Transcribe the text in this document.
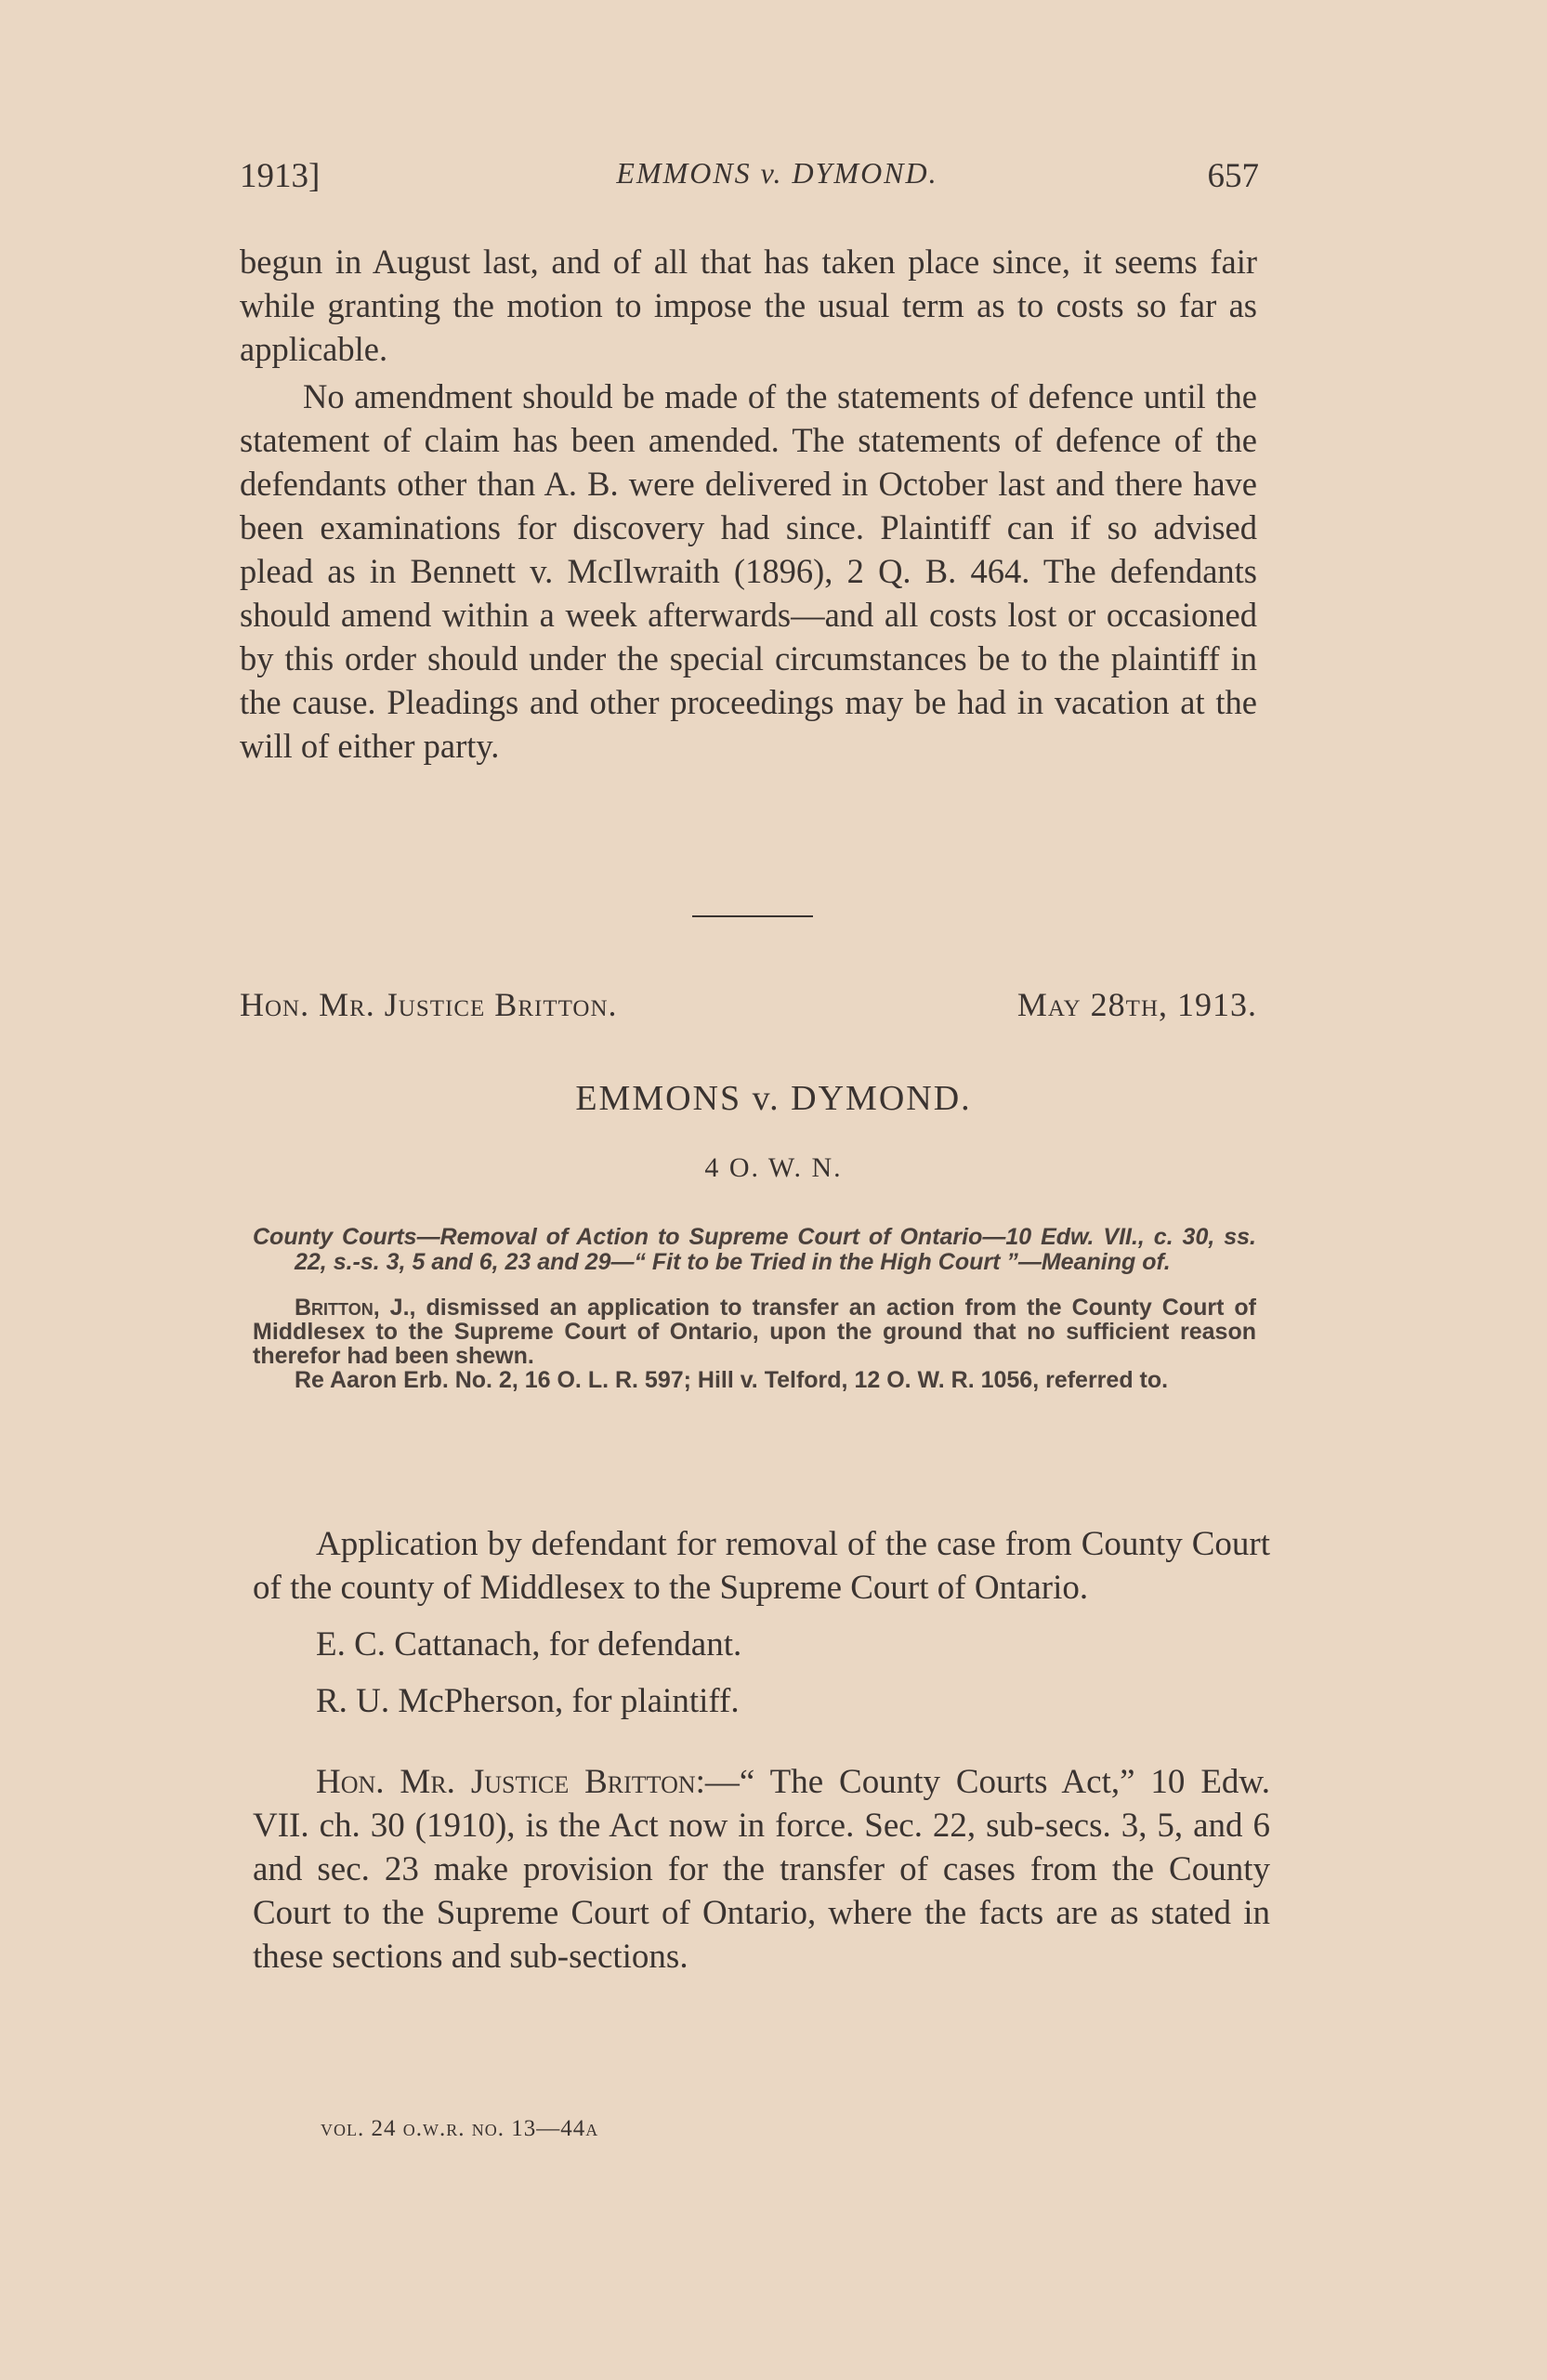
1913]	EMMONS v. DYMOND.	657

begun in August last, and of all that has taken place since, it seems fair while granting the motion to impose the usual term as to costs so far as applicable.

No amendment should be made of the statements of defence until the statement of claim has been amended. The statements of defence of the defendants other than A. B. were delivered in October last and there have been examinations for discovery had since. Plaintiff can if so advised plead as in Bennett v. McIlwraith (1896), 2 Q. B. 464. The defendants should amend within a week afterwards—and all costs lost or occasioned by this order should under the special circumstances be to the plaintiff in the cause. Pleadings and other proceedings may be had in vacation at the will of either party.

Hon. Mr. Justice Britton.	May 28th, 1913.
EMMONS v. DYMOND.
4 O. W. N.
County Courts—Removal of Action to Supreme Court of Ontario—10 Edw. VII., c. 30, ss. 22, s.-s. 3, 5 and 6, 23 and 29—“ Fit to be Tried in the High Court ”—Meaning of.

Britton, J., dismissed an application to transfer an action from the County Court of Middlesex to the Supreme Court of Ontario, upon the ground that no sufficient reason therefor had been shewn.

Re Aaron Erb. No. 2, 16 O. L. R. 597; Hill v. Telford, 12 O. W. R. 1056, referred to.

Application by defendant for removal of the case from County Court of the county of Middlesex to the Supreme Court of Ontario.

E. C. Cattanach, for defendant.

R. U. McPherson, for plaintiff.

Hon. Mr. Justice Britton:—“ The County Courts Act,” 10 Edw. VII. ch. 30 (1910), is the Act now in force. Sec. 22, sub-secs. 3, 5, and 6 and sec. 23 make provision for the transfer of cases from the County Court to the Supreme Court of Ontario, where the facts are as stated in these sections and sub-sections.

vol. 24 o.w.r. no. 13—44a
